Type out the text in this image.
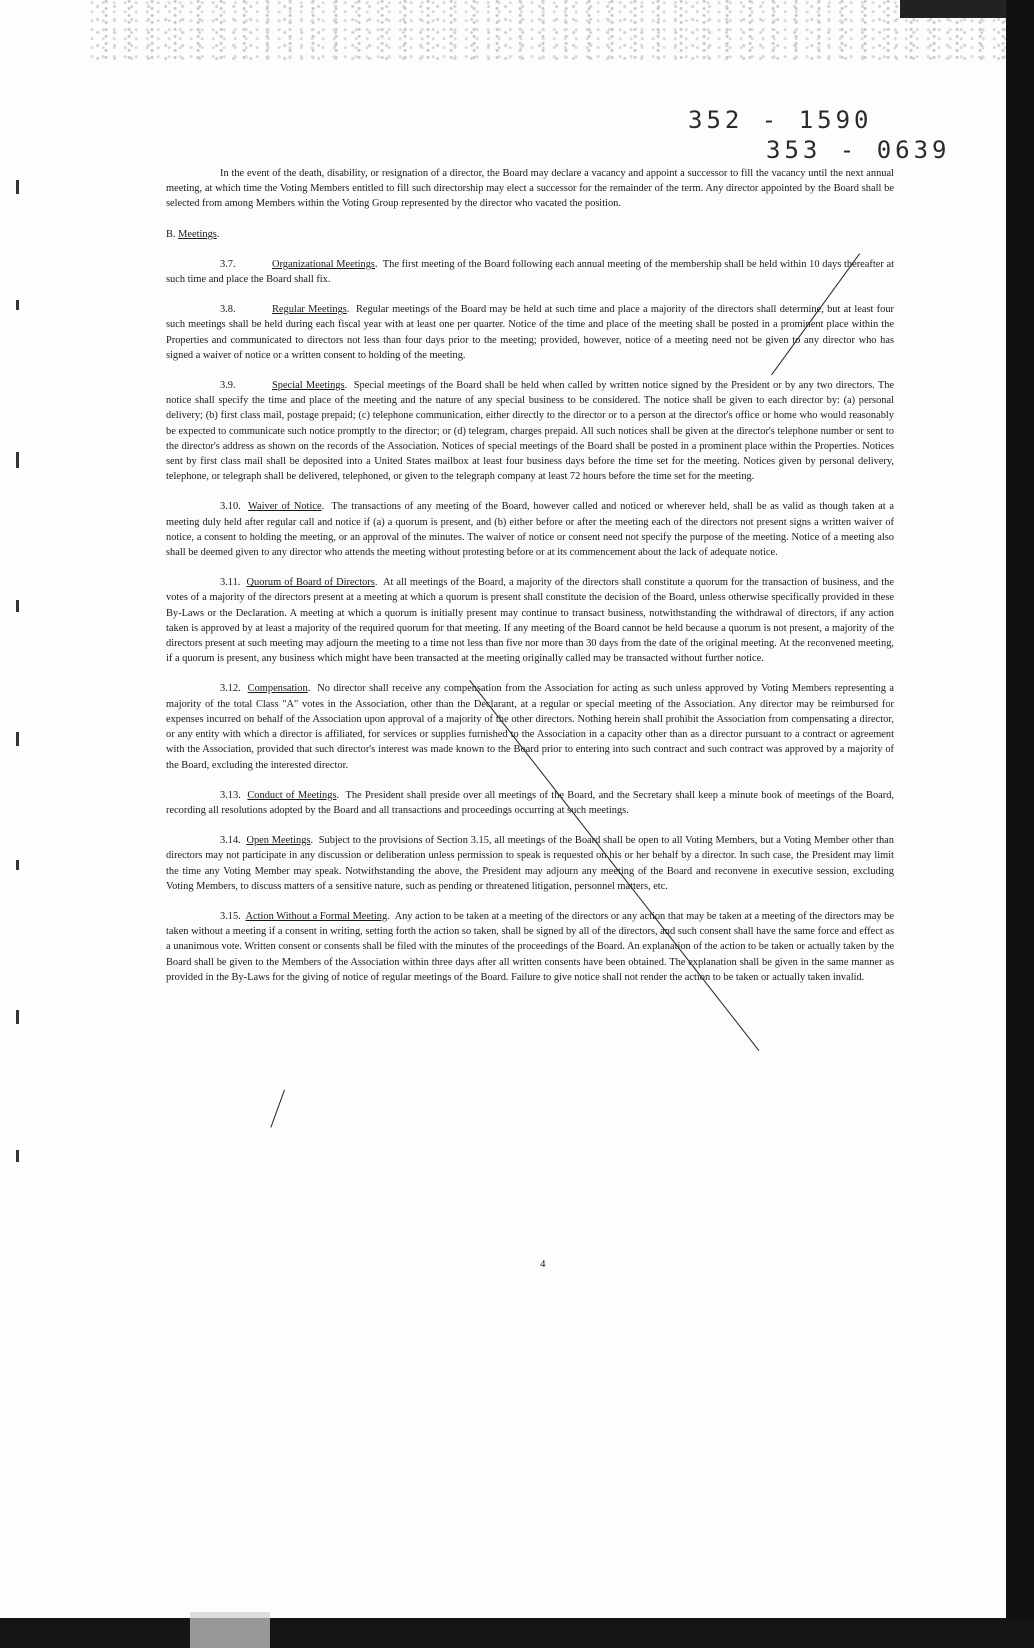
352 - 1590
353 - 0639

In the event of the death, disability, or resignation of a director, the Board may declare a vacancy and appoint a successor to fill the vacancy until the next annual meeting, at which time the Voting Members entitled to fill such directorship may elect a successor for the remainder of the term. Any director appointed by the Board shall be selected from among Members within the Voting Group represented by the director who vacated the position.

B. Meetings.

3.7.	Organizational Meetings.  The first meeting of the Board following each annual meeting of the membership shall be held within 10 days thereafter at such time and place the Board shall fix.

3.8.	Regular Meetings.  Regular meetings of the Board may be held at such time and place a majority of the directors shall determine, but at least four such meetings shall be held during each fiscal year with at least one per quarter. Notice of the time and place of the meeting shall be posted in a prominent place within the Properties and communicated to directors not less than four days prior to the meeting; provided, however, notice of a meeting need not be given to any director who has signed a waiver of notice or a written consent to holding of the meeting.

3.9.	Special Meetings.  Special meetings of the Board shall be held when called by written notice signed by the President or by any two directors. The notice shall specify the time and place of the meeting and the nature of any special business to be considered. The notice shall be given to each director by: (a) personal delivery; (b) first class mail, postage prepaid; (c) telephone communication, either directly to the director or to a person at the director's office or home who would reasonably be expected to communicate such notice promptly to the director; or (d) telegram, charges prepaid. All such notices shall be given at the director's telephone number or sent to the director's address as shown on the records of the Association. Notices of special meetings of the Board shall be posted in a prominent place within the Properties. Notices sent by first class mail shall be deposited into a United States mailbox at least four business days before the time set for the meeting. Notices given by personal delivery, telephone, or telegraph shall be delivered, telephoned, or given to the telegraph company at least 72 hours before the time set for the meeting.

3.10. Waiver of Notice.  The transactions of any meeting of the Board, however called and noticed or wherever held, shall be as valid as though taken at a meeting duly held after regular call and notice if (a) a quorum is present, and (b) either before or after the meeting each of the directors not present signs a written waiver of notice, a consent to holding the meeting, or an approval of the minutes. The waiver of notice or consent need not specify the purpose of the meeting. Notice of a meeting also shall be deemed given to any director who attends the meeting without protesting before or at its commencement about the lack of adequate notice.

3.11. Quorum of Board of Directors.  At all meetings of the Board, a majority of the directors shall constitute a quorum for the transaction of business, and the votes of a majority of the directors present at a meeting at which a quorum is present shall constitute the decision of the Board, unless otherwise specifically provided in these By-Laws or the Declaration. A meeting at which a quorum is initially present may continue to transact business, notwithstanding the withdrawal of directors, if any action taken is approved by at least a majority of the required quorum for that meeting. If any meeting of the Board cannot be held because a quorum is not present, a majority of the directors present at such meeting may adjourn the meeting to a time not less than five nor more than 30 days from the date of the original meeting. At the reconvened meeting, if a quorum is present, any business which might have been transacted at the meeting originally called may be transacted without further notice.

3.12. Compensation.  No director shall receive any compensation from the Association for acting as such unless approved by Voting Members representing a majority of the total Class "A" votes in the Association, other than the Declarant, at a regular or special meeting of the Association. Any director may be reimbursed for expenses incurred on behalf of the Association upon approval of a majority of the other directors. Nothing herein shall prohibit the Association from compensating a director, or any entity with which a director is affiliated, for services or supplies furnished to the Association in a capacity other than as a director pursuant to a contract or agreement with the Association, provided that such director's interest was made known to the Board prior to entering into such contract and such contract was approved by a majority of the Board, excluding the interested director.

3.13. Conduct of Meetings.  The President shall preside over all meetings of the Board, and the Secretary shall keep a minute book of meetings of the Board, recording all resolutions adopted by the Board and all transactions and proceedings occurring at such meetings.

3.14. Open Meetings.  Subject to the provisions of Section 3.15, all meetings of the Board shall be open to all Voting Members, but a Voting Member other than directors may not participate in any discussion or deliberation unless permission to speak is requested on his or her behalf by a director. In such case, the President may limit the time any Voting Member may speak. Notwithstanding the above, the President may adjourn any meeting of the Board and reconvene in executive session, excluding Voting Members, to discuss matters of a sensitive nature, such as pending or threatened litigation, personnel matters, etc.

3.15. Action Without a Formal Meeting.  Any action to be taken at a meeting of the directors or any action that may be taken at a meeting of the directors may be taken without a meeting if a consent in writing, setting forth the action so taken, shall be signed by all of the directors, and such consent shall have the same force and effect as a unanimous vote. Written consent or consents shall be filed with the minutes of the proceedings of the Board. An explanation of the action to be taken or actually taken by the Board shall be given to the Members of the Association within three days after all written consents have been obtained. The explanation shall be given in the same manner as provided in the By-Laws for the giving of notice of regular meetings of the Board. Failure to give notice shall not render the action to be taken or actually taken invalid.

4
